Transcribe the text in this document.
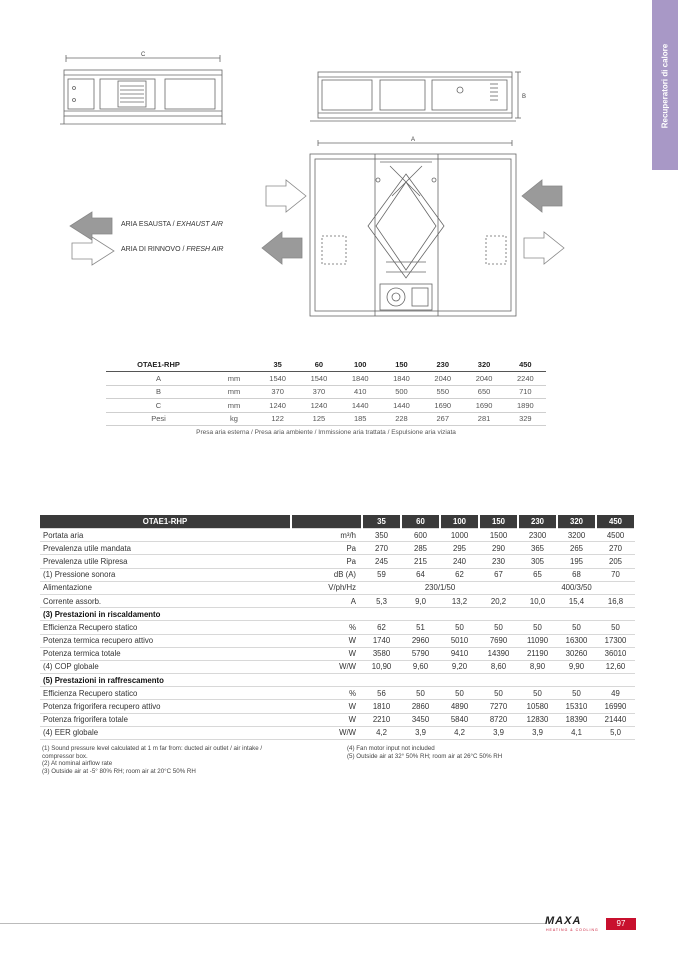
Recuperatori di calore
C
A
B
ARIA ESAUSTA / EXHAUST AIR
ARIA DI RINNOVO / FRESH AIR
OTAE1-RHP		35	60	100	150	230	320	450
A	mm	1540	1540	1840	1840	2040	2040	2240
B	mm	370	370	410	500	550	650	710
C	mm	1240	1240	1440	1440	1690	1690	1890
Pesi	kg	122	125	185	228	267	281	329
Presa aria esterna / Presa aria ambiente / Immissione aria trattata / Espulsione aria viziata
OTAE1-RHP		35	60	100	150	230	320	450
Portata aria	m³/h	350	600	1000	1500	2300	3200	4500
Prevalenza utile mandata	Pa	270	285	295	290	365	265	270
Prevalenza utile Ripresa	Pa	245	215	240	230	305	195	205
(1) Pressione sonora	dB (A)	59	64	62	67	65	68	70
Alimentazione	V/ph/Hz	230/1/50				400/3/50		
Corrente assorb.	A	5,3	9,0	13,2	20,2	10,0	15,4	16,8
(3) Prestazioni in riscaldamento								
Efficienza Recupero statico	%	62	51	50	50	50	50	50
Potenza termica recupero attivo	W	1740	2960	5010	7690	11090	16300	17300
Potenza termica totale	W	3580	5790	9410	14390	21190	30260	36010
(4) COP globale	W/W	10,90	9,60	9,20	8,60	8,90	9,90	12,60
(5) Prestazioni in raffrescamento								
Efficienza Recupero statico	%	56	50	50	50	50	50	49
Potenza frigorifera recupero attivo	W	1810	2860	4890	7270	10580	15310	16990
Potenza frigorifera totale	W	2210	3450	5840	8720	12830	18390	21440
(4) EER globale	W/W	4,2	3,9	4,2	3,9	3,9	4,1	5,0
(1) Sound pressure level calculated at 1 m far from: ducted air outlet / air intake /
compressor box.
(2) At nominal airflow rate
(3) Outside air at -5° 80% RH; room air at 20°C 50% RH
(4) Fan motor input not included
(5) Outside air at 32° 50% RH; room air at 26°C 50% RH
MAXA
HEATING & COOLING
97
